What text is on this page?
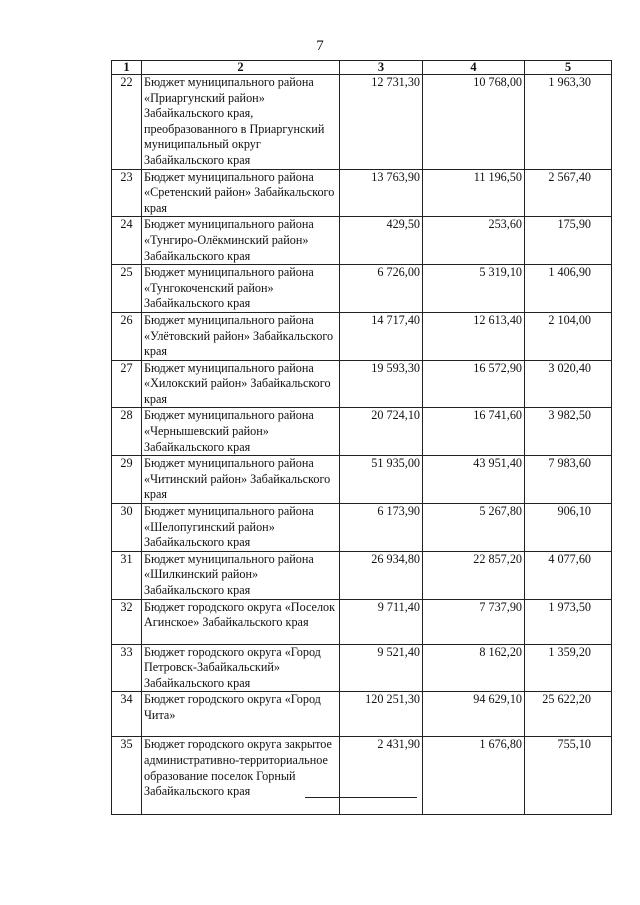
7
1	2	3	4	5
22	Бюджет муниципального района «Приаргунский район» Забайкальского края, преобразованного в Приаргунский муниципальный округ Забайкальского края	12 731,30	10 768,00	1 963,30
23	Бюджет муниципального района «Сретенский район» Забайкальского края	13 763,90	11 196,50	2 567,40
24	Бюджет муниципального района «Тунгиро-Олёкминский район» Забайкальского края	429,50	253,60	175,90
25	Бюджет муниципального района «Тунгокоченский район» Забайкальского края	6 726,00	5 319,10	1 406,90
26	Бюджет муниципального района «Улётовский район» Забайкальского края	14 717,40	12 613,40	2 104,00
27	Бюджет муниципального района «Хилокский район» Забайкальского края	19 593,30	16 572,90	3 020,40
28	Бюджет муниципального района «Чернышевский район» Забайкальского края	20 724,10	16 741,60	3 982,50
29	Бюджет муниципального района «Читинский район» Забайкальского края	51 935,00	43 951,40	7 983,60
30	Бюджет муниципального района «Шелопугинский район» Забайкальского края	6 173,90	5 267,80	906,10
31	Бюджет муниципального района «Шилкинский район» Забайкальского края	26 934,80	22 857,20	4 077,60
32	Бюджет городского округа «Поселок Агинское» Забайкальского края	9 711,40	7 737,90	1 973,50
33	Бюджет городского округа «Город Петровск-Забайкальский» Забайкальского края	9 521,40	8 162,20	1 359,20
34	Бюджет городского округа «Город Чита»	120 251,30	94 629,10	25 622,20
35	Бюджет городского округа закрытое административно-территориальное образование поселок Горный Забайкальского края	2 431,90	1 676,80	755,10
